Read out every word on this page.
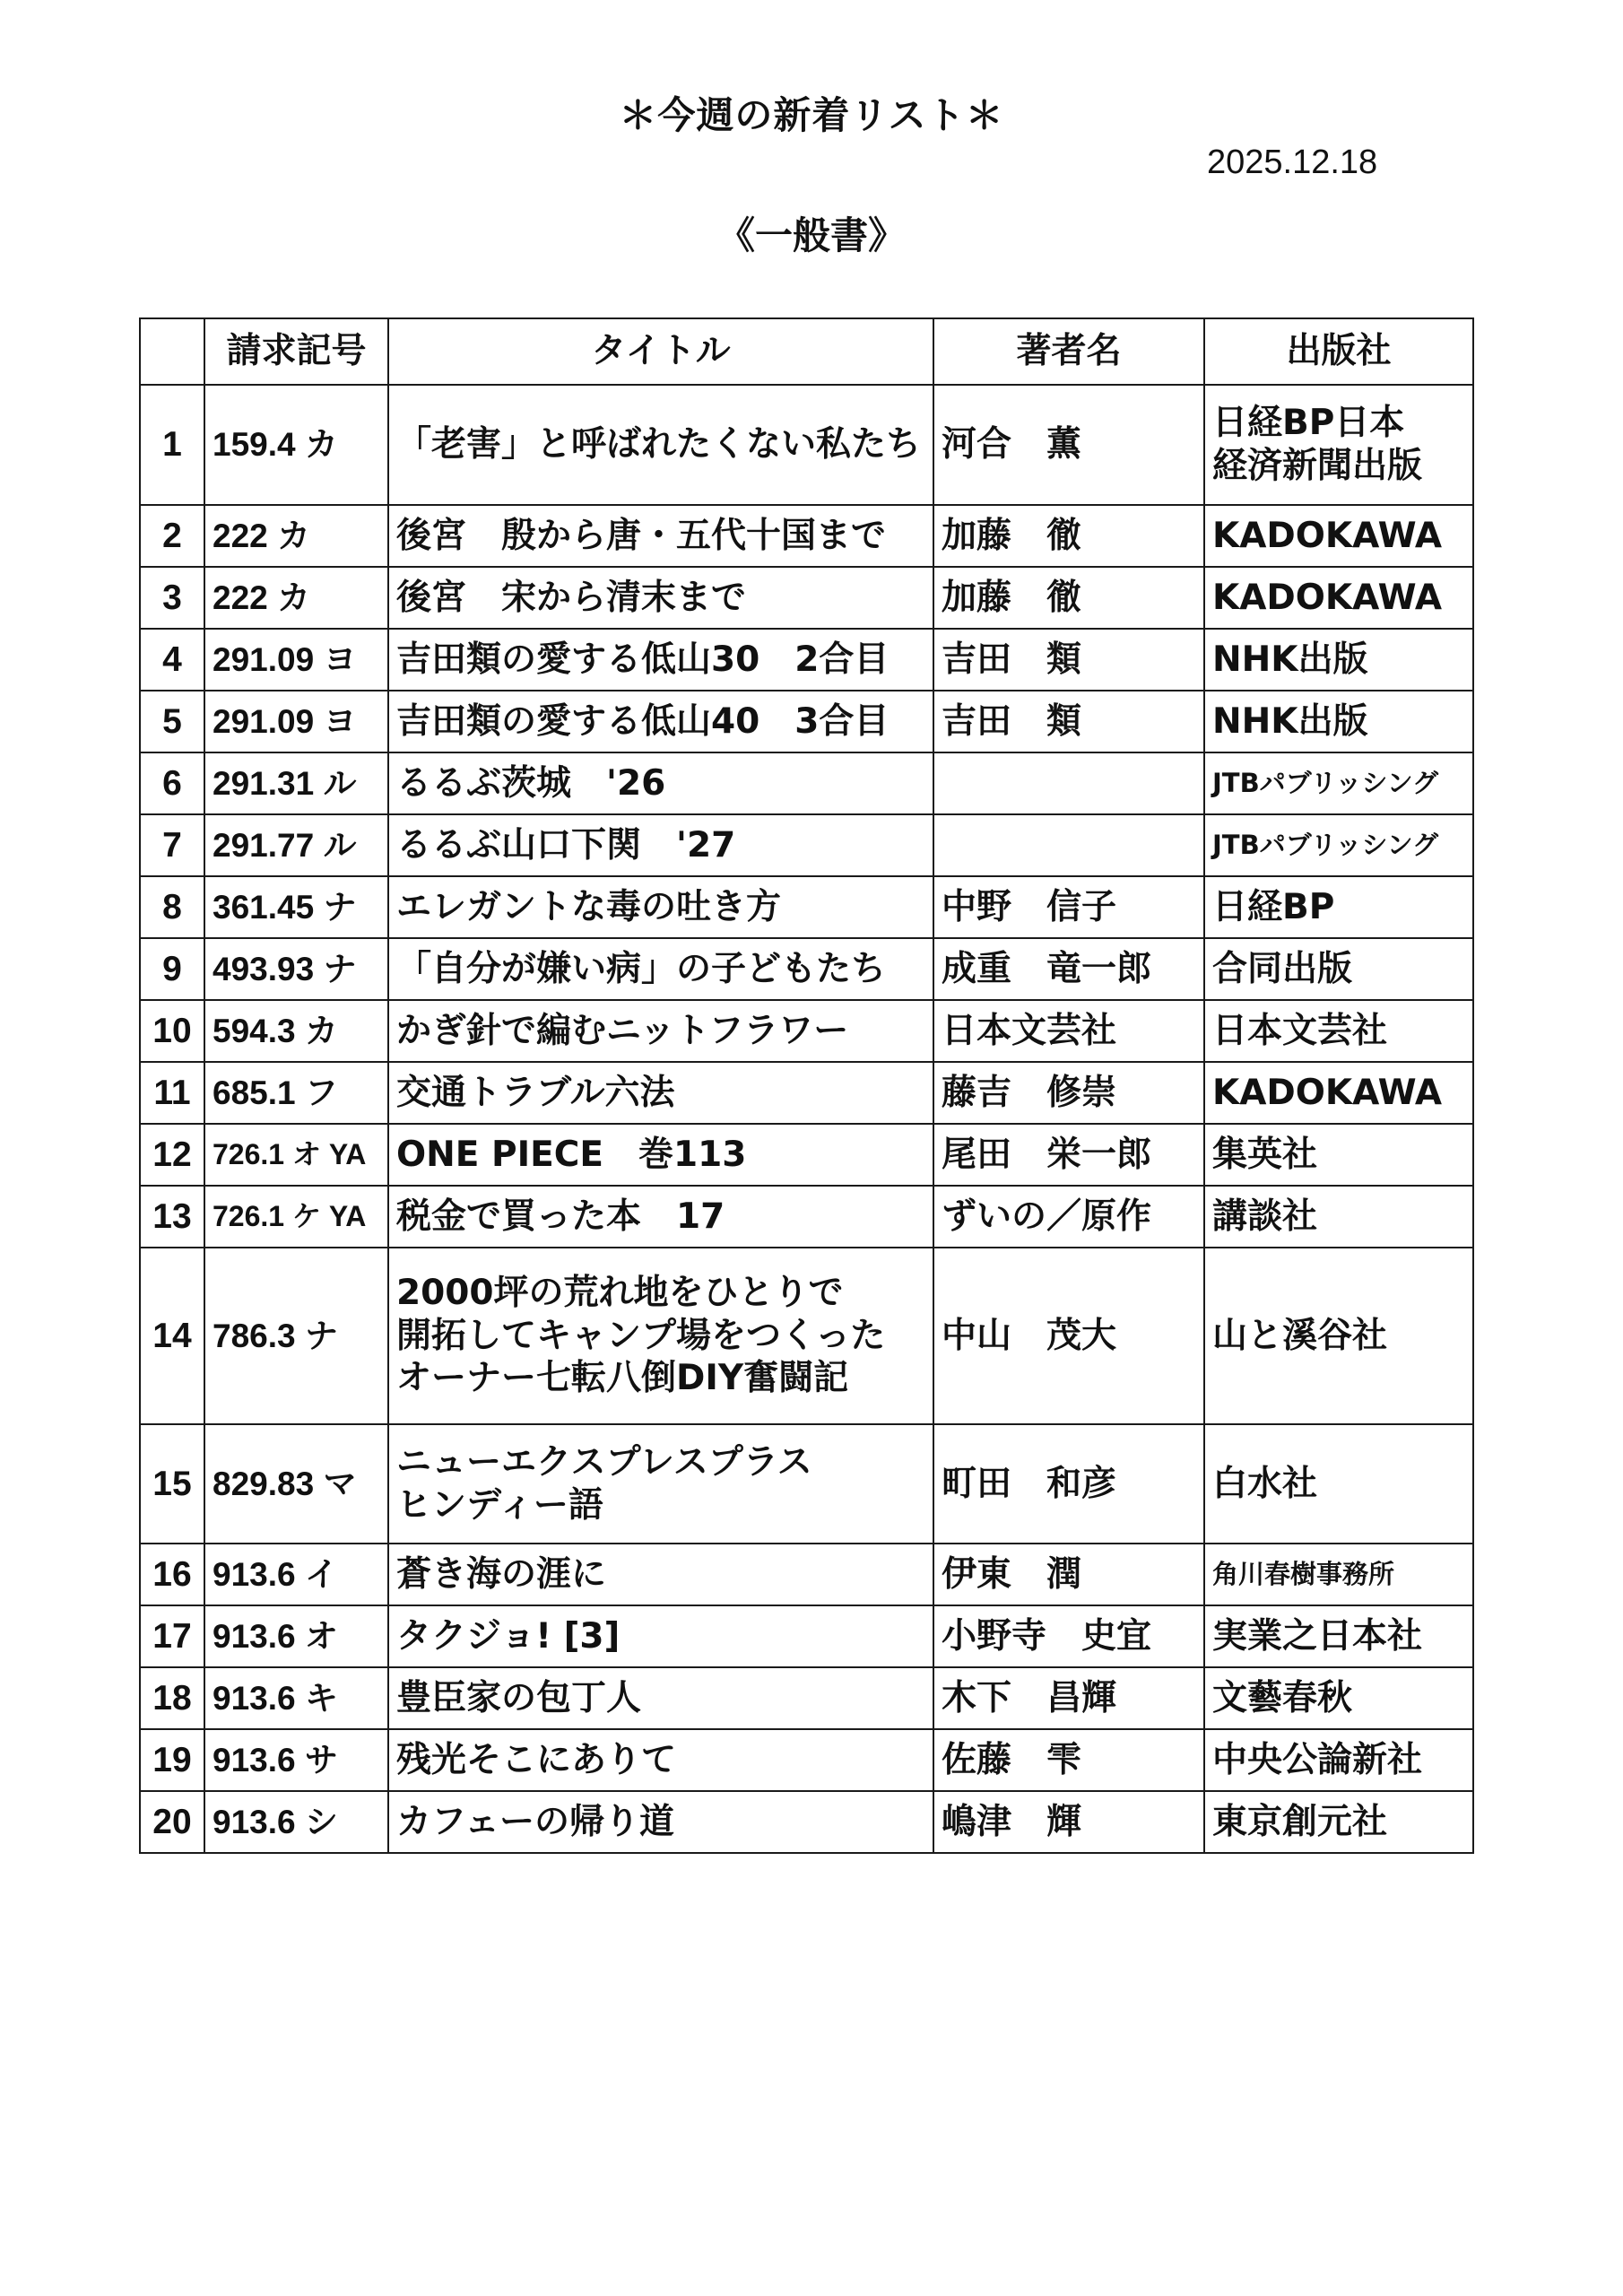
＊今週の新着リスト＊
2025.12.18
《一般書》
	請求記号	タイトル	著者名	出版社
1	159.4 カ	「老害」と呼ばれたくない私たち	河合　薫	日経BP日本
経済新聞出版
2	222 カ	後宮　殷から唐・五代十国まで	加藤　徹	KADOKAWA
3	222 カ	後宮　宋から清末まで	加藤　徹	KADOKAWA
4	291.09 ヨ	吉田類の愛する低山30　2合目	吉田　類	NHK出版
5	291.09 ヨ	吉田類の愛する低山40　3合目	吉田　類	NHK出版
6	291.31 ル	るるぶ茨城　'26		JTBパブリッシング
7	291.77 ル	るるぶ山口下関　'27		JTBパブリッシング
8	361.45 ナ	エレガントな毒の吐き方	中野　信子	日経BP
9	493.93 ナ	「自分が嫌い病」の子どもたち	成重　竜一郎	合同出版
10	594.3 カ	かぎ針で編むニットフラワー	日本文芸社	日本文芸社
11	685.1 フ	交通トラブル六法	藤吉　修崇	KADOKAWA
12	726.1 オ YA	ONE PIECE　巻113	尾田　栄一郎	集英社
13	726.1 ケ YA	税金で買った本　17	ずいの／原作	講談社
14	786.3 ナ	2000坪の荒れ地をひとりで
開拓してキャンプ場をつくった
オーナー七転八倒DIY奮闘記	中山　茂大	山と溪谷社
15	829.83 マ	ニューエクスプレスプラス
ヒンディー語	町田　和彦	白水社
16	913.6 イ	蒼き海の涯に	伊東　潤	角川春樹事務所
17	913.6 オ	タクジョ! [3]	小野寺　史宜	実業之日本社
18	913.6 キ	豊臣家の包丁人	木下　昌輝	文藝春秋
19	913.6 サ	残光そこにありて	佐藤　雫	中央公論新社
20	913.6 シ	カフェーの帰り道	嶋津　輝	東京創元社
